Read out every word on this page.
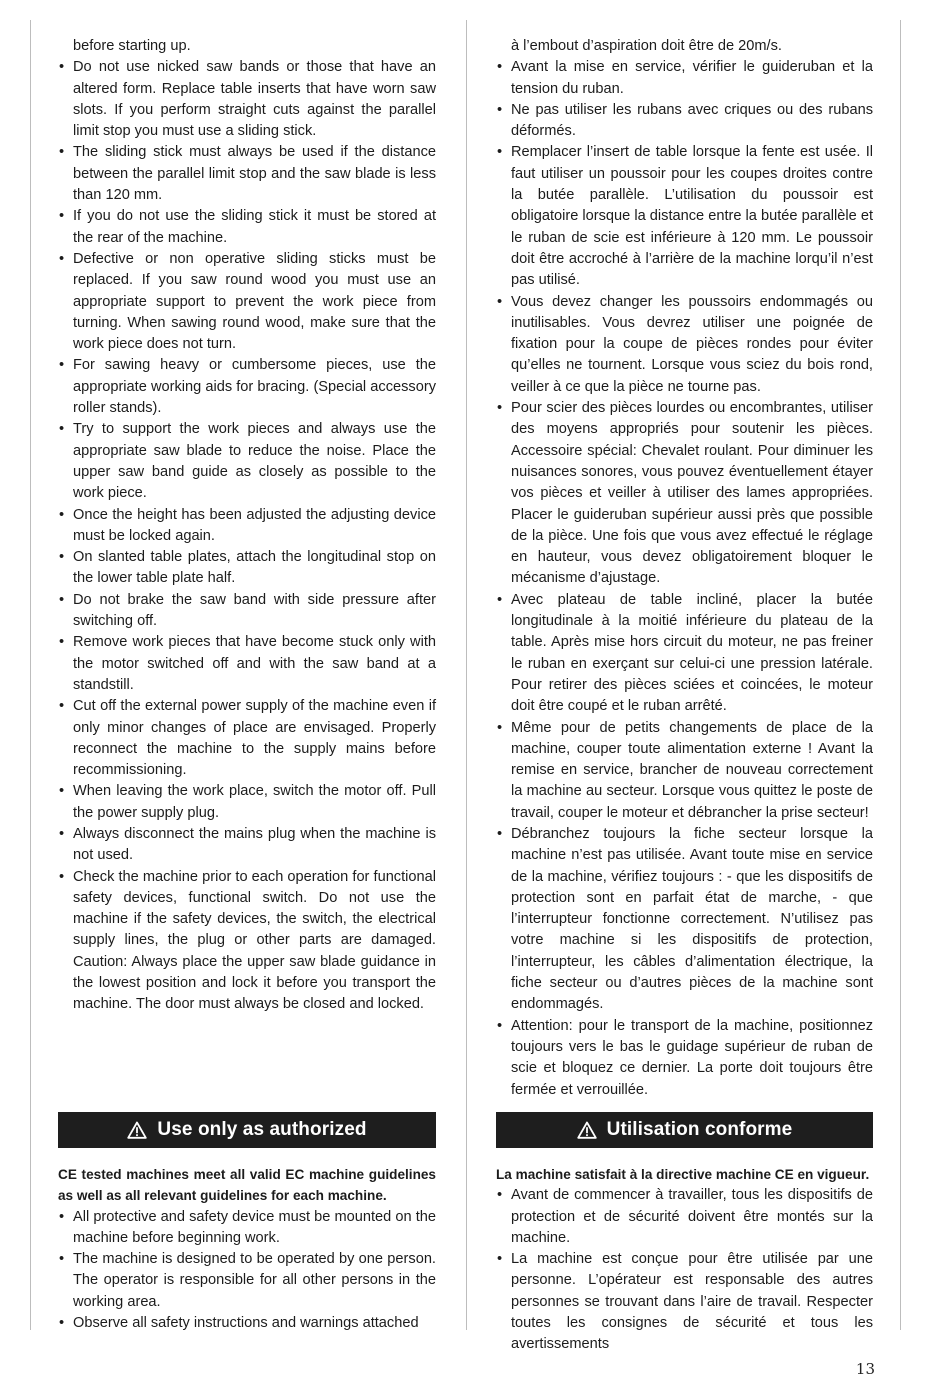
before starting up.
• Do not use nicked saw bands or those that have an altered form. Replace table inserts that have worn saw slots. If you perform straight cuts against the parallel limit stop you must use a sliding stick.
• The sliding stick must always be used if the distance between the parallel limit stop and the saw blade is less than 120 mm.
• If you do not use the sliding stick it must be stored at the rear of the machine.
• Defective or non operative sliding sticks must be replaced. If you saw round wood you must use an appropriate support to prevent the work piece from turning. When sawing round wood, make sure that the work piece does not turn.
• For sawing heavy or cumbersome pieces, use the appropriate working aids for bracing. (Special accessory roller stands).
• Try to support the work pieces and always use the appropriate saw blade to reduce the noise. Place the upper saw band guide as closely as possible to the work piece.
• Once the height has been adjusted the adjusting device must be locked again.
• On slanted table plates, attach the longitudinal stop on the lower table plate half.
• Do not brake the saw band with side pressure after switching off.
• Remove work pieces that have become stuck only with the motor switched off and with the saw band at a standstill.
• Cut off the external power supply of the machine even if only minor changes of place are envisaged. Properly reconnect the machine to the supply mains before recommissioning.
• When leaving the work place, switch the motor off. Pull the power supply plug.
• Always disconnect the mains plug when the machine is not used.
• Check the machine prior to each operation for functional safety devices, functional switch. Do not use the machine if the safety devices, the switch, the electrical supply lines, the plug or other parts are damaged. Caution: Always place the upper saw blade guidance in the lowest position and lock it before you transport the machine. The door must always be closed and locked.
à l’embout d’aspiration doit être de 20m/s.
• Avant la mise en service, vérifier le guideruban et la tension du ruban.
• Ne pas utiliser les rubans avec criques ou des rubans déformés.
• Remplacer l’insert de table lorsque la fente est usée. Il faut utiliser un poussoir pour les coupes droites contre la butée parallèle. L’utilisation du poussoir est obligatoire lorsque la distance entre la butée parallèle et le ruban de scie est inférieure à 120 mm. Le poussoir doit être accroché à l’arrière de la machine lorqu’il n’est pas utilisé.
• Vous devez changer les poussoirs endommagés ou inutilisables. Vous devrez utiliser une poignée de fixation pour la coupe de pièces rondes pour éviter qu’elles ne tournent. Lorsque vous sciez du bois rond, veiller à ce que la pièce ne tourne pas.
• Pour scier des pièces lourdes ou encombrantes, utiliser des moyens appropriés pour soutenir les pièces. Accessoire spécial: Chevalet roulant. Pour diminuer les nuisances sonores, vous pouvez éventuellement étayer vos pièces et veiller à utiliser des lames appropriées. Placer le guideruban supérieur aussi près que possible de la pièce. Une fois que vous avez effectué le réglage en hauteur, vous devez obligatoirement bloquer le mécanisme d’ajustage.
• Avec plateau de table incliné, placer la butée longitudinale à la moitié inférieure du plateau de la table. Après mise hors circuit du moteur, ne pas freiner le ruban en exerçant sur celui-ci une pression latérale. Pour retirer des pièces sciées et coincées, le moteur doit être coupé et le ruban arrêté.
• Même pour de petits changements de place de la machine, couper toute alimentation externe ! Avant la remise en service, brancher de nouveau correctement la machine au secteur. Lorsque vous quittez le poste de travail, couper le moteur et débrancher la prise secteur!
• Débranchez toujours la fiche secteur lorsque la machine n’est pas utilisée. Avant toute mise en service de la machine, vérifiez toujours : - que les dispositifs de protection sont en parfait état de marche, - que l’interrupteur fonctionne correctement. N’utilisez pas votre machine si les dispositifs de protection, l’interrupteur, les câbles d’alimentation électrique, la fiche secteur ou d’autres pièces de la machine sont endommagés.
• Attention: pour le transport de la machine, positionnez toujours vers le bas le guidage supérieur de ruban de scie et bloquez ce dernier. La porte doit toujours être fermée et verrouillée.
Use only as authorized
CE tested machines meet all valid EC machine guidelines as well as all relevant guidelines for each machine.
• All protective and safety device must be mounted on the machine before beginning work.
• The machine is designed to be operated by one person. The operator is responsible for all other persons in the working area.
• Observe all safety instructions and warnings attached
Utilisation conforme
La machine satisfait à la directive machine CE en vigueur.
• Avant de commencer à travailler, tous les dispositifs de protection et de sécurité doivent être montés sur la machine.
• La machine est conçue pour être utilisée par une personne. L’opérateur est responsable des autres personnes se trouvant dans l’aire de travail. Respecter toutes les consignes de sécurité et tous les avertissements
13
